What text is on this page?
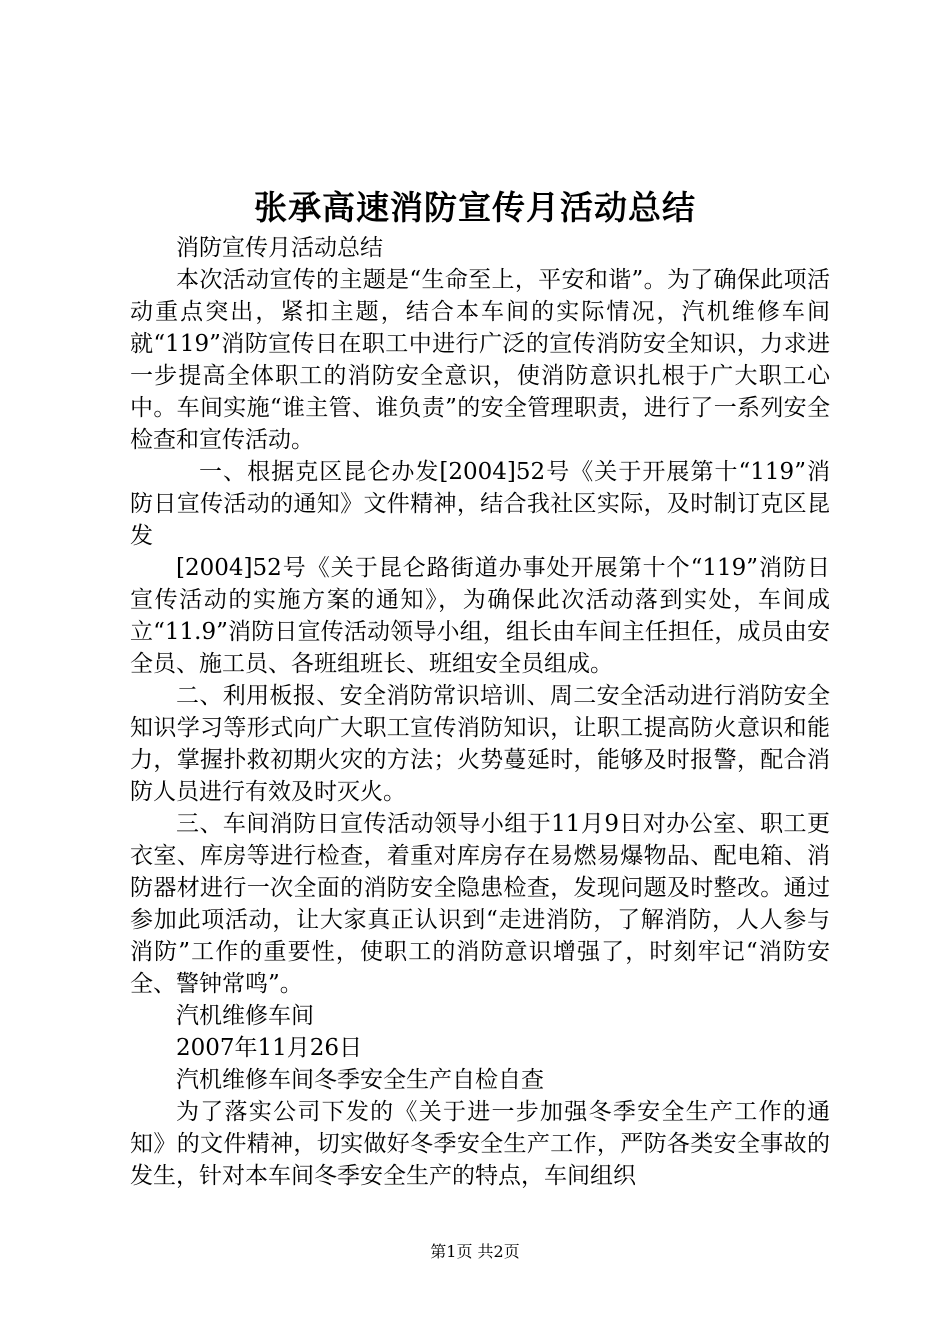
张承高速消防宣传月活动总结

消防宣传月活动总结

本次活动宣传的主题是“生命至上，平安和谐”。为了确保此项活动重点突出，紧扣主题，结合本车间的实际情况，汽机维修车间就“119”消防宣传日在职工中进行广泛的宣传消防安全知识，力求进一步提高全体职工的消防安全意识，使消防意识扎根于广大职工心中。车间实施“谁主管、谁负责”的安全管理职责，进行了一系列安全检查和宣传活动。

一、根据克区昆仑办发[2004]52号《关于开展第十“119”消防日宣传活动的通知》文件精神，结合我社区实际，及时制订克区昆发

[2004]52号《关于昆仑路街道办事处开展第十个“119”消防日宣传活动的实施方案的通知》，为确保此次活动落到实处，车间成立“11.9”消防日宣传活动领导小组，组长由车间主任担任，成员由安全员、施工员、各班组班长、班组安全员组成。

二、利用板报、安全消防常识培训、周二安全活动进行消防安全知识学习等形式向广大职工宣传消防知识，让职工提高防火意识和能力，掌握扑救初期火灾的方法；火势蔓延时，能够及时报警，配合消防人员进行有效及时灭火。

三、车间消防日宣传活动领导小组于11月9日对办公室、职工更衣室、库房等进行检查，着重对库房存在易燃易爆物品、配电箱、消防器材进行一次全面的消防安全隐患检查，发现问题及时整改。通过参加此项活动，让大家真正认识到“走进消防，了解消防，人人参与消防”工作的重要性，使职工的消防意识增强了，时刻牢记“消防安全、警钟常鸣”。

汽机维修车间

2007年11月26日

汽机维修车间冬季安全生产自检自查

为了落实公司下发的《关于进一步加强冬季安全生产工作的通知》的文件精神，切实做好冬季安全生产工作，严防各类安全事故的发生，针对本车间冬季安全生产的特点，车间组织

第1页 共2页
